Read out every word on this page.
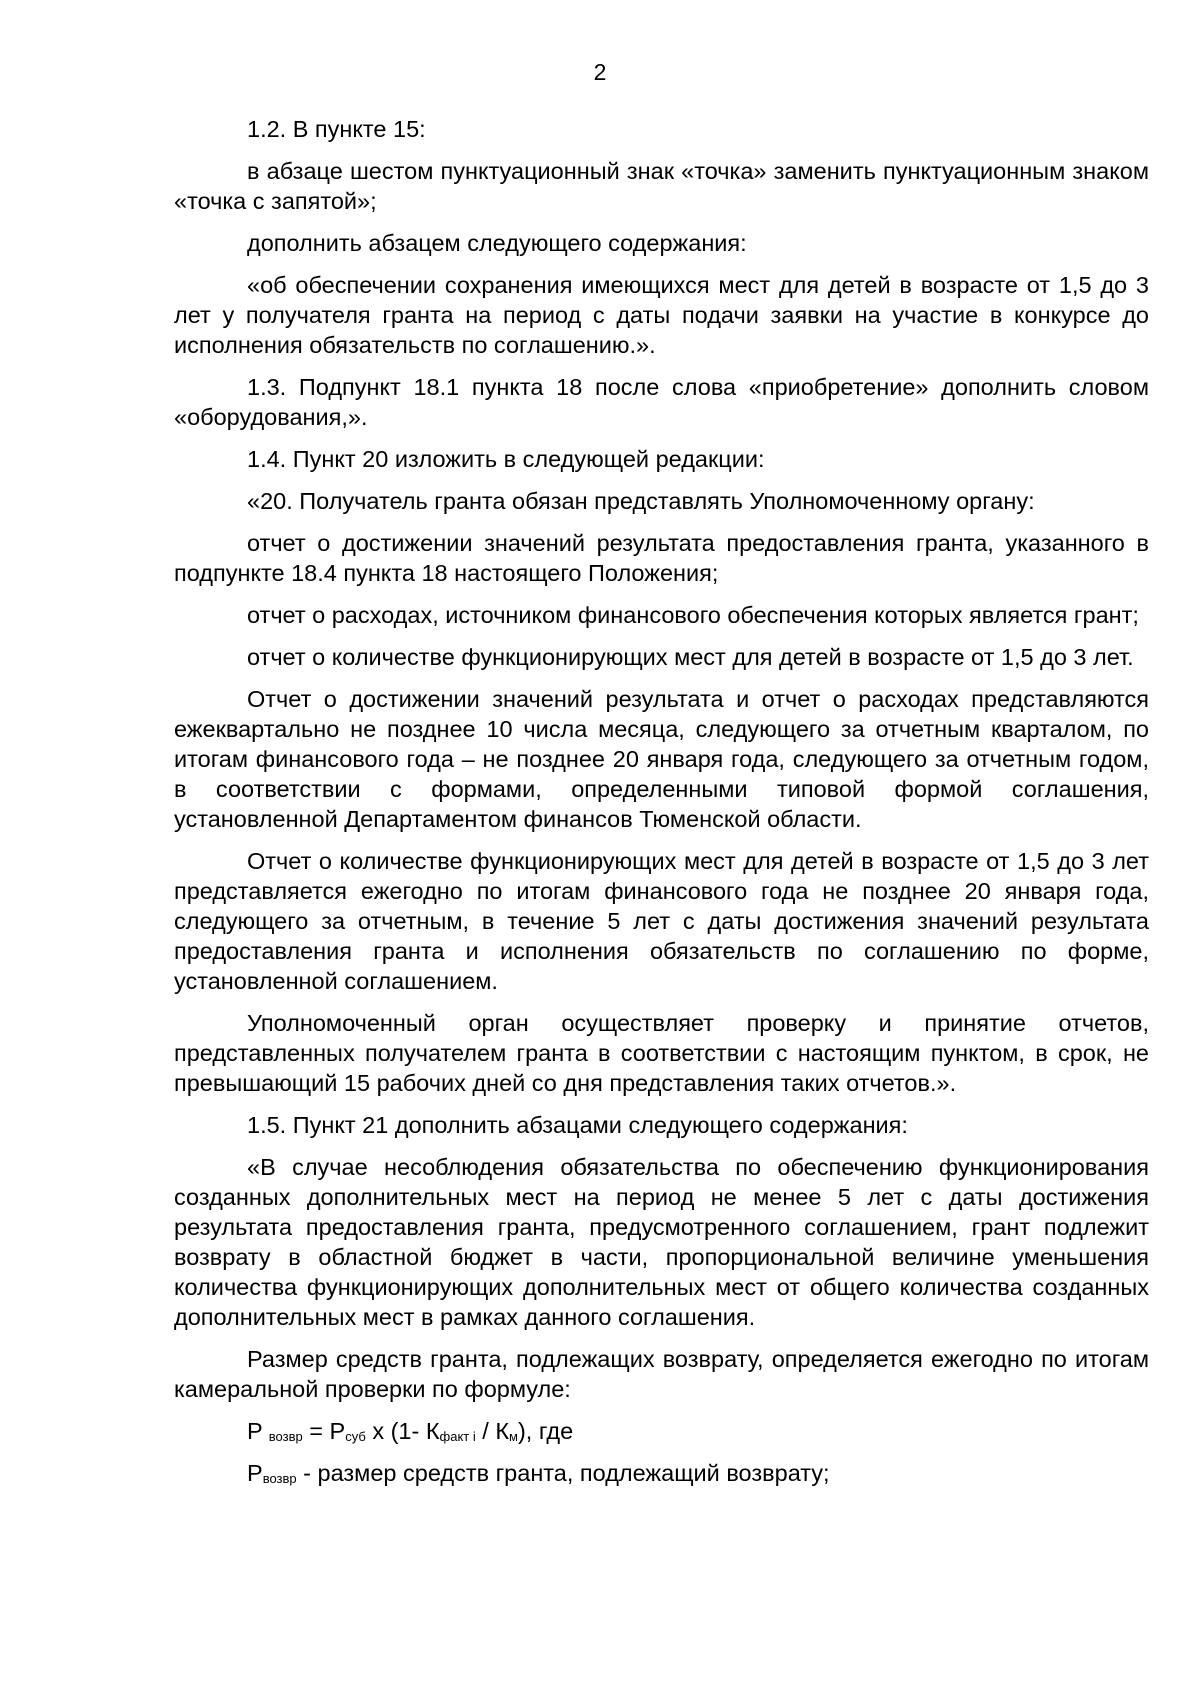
2

1.2. В пункте 15:

в абзаце шестом пунктуационный знак «точка» заменить пунктуационным знаком «точка с запятой»;

дополнить абзацем следующего содержания:

«об обеспечении сохранения имеющихся мест для детей в возрасте от 1,5 до 3 лет у получателя гранта на период с даты подачи заявки на участие в конкурсе до исполнения обязательств по соглашению.».

1.3. Подпункт 18.1 пункта 18 после слова «приобретение» дополнить словом «оборудования,».

1.4. Пункт 20 изложить в следующей редакции:

«20. Получатель гранта обязан представлять Уполномоченному органу:

отчет о достижении значений результата предоставления гранта, указанного в подпункте 18.4 пункта 18 настоящего Положения;

отчет о расходах, источником финансового обеспечения которых является грант;

отчет о количестве функционирующих мест для детей в возрасте от 1,5 до 3 лет.

Отчет о достижении значений результата и отчет о расходах представляются ежеквартально не позднее 10 числа месяца, следующего за отчетным кварталом, по итогам финансового года – не позднее 20 января года, следующего за отчетным годом, в соответствии с формами, определенными типовой формой соглашения, установленной Департаментом финансов Тюменской области.

Отчет о количестве функционирующих мест для детей в возрасте от 1,5 до 3 лет представляется ежегодно по итогам финансового года не позднее 20 января года, следующего за отчетным, в течение 5 лет с даты достижения значений результата предоставления гранта и исполнения обязательств по соглашению по форме, установленной соглашением.

Уполномоченный орган осуществляет проверку и принятие отчетов, представленных получателем гранта в соответствии с настоящим пунктом, в срок, не превышающий 15 рабочих дней со дня представления таких отчетов.».

1.5. Пункт 21 дополнить абзацами следующего содержания:

«В случае несоблюдения обязательства по обеспечению функционирования созданных дополнительных мест на период не менее 5 лет с даты достижения результата предоставления гранта, предусмотренного соглашением, грант подлежит возврату в областной бюджет в части, пропорциональной величине уменьшения количества функционирующих дополнительных мест от общего количества созданных дополнительных мест в рамках данного соглашения.

Размер средств гранта, подлежащих возврату, определяется ежегодно по итогам камеральной проверки по формуле:

P $_{возвр} = P_{суб}$ х (1- $К_{факт i} / К_м$), где
$P_{возвр}$ - размер средств гранта, подлежащий возврату;
